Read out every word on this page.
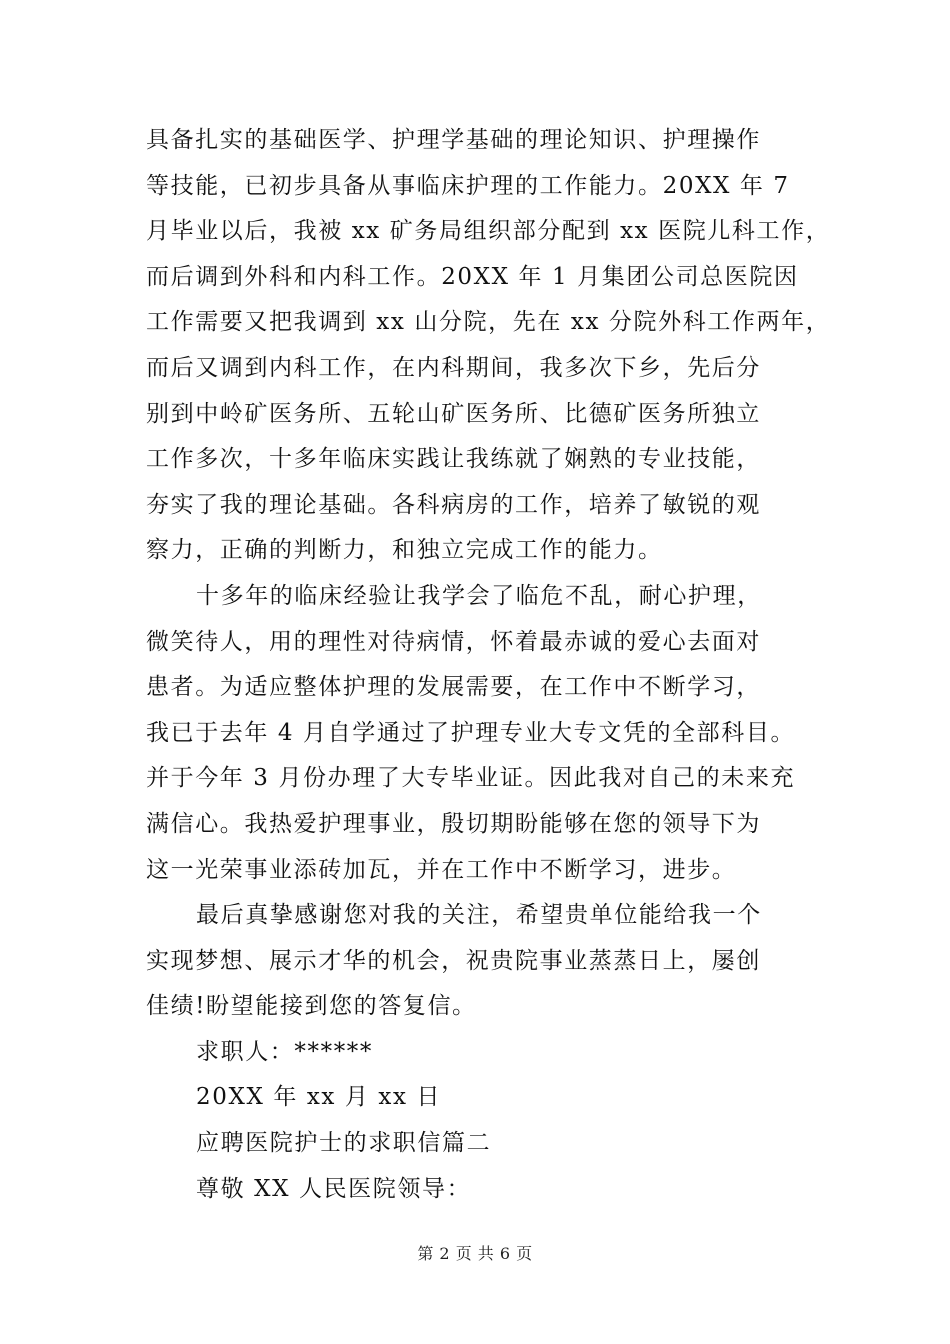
具备扎实的基础医学、护理学基础的理论知识、护理操作
等技能，已初步具备从事临床护理的工作能力。20XX 年 7
月毕业以后，我被 xx 矿务局组织部分配到 xx 医院儿科工作，
而后调到外科和内科工作。20XX 年 1 月集团公司总医院因
工作需要又把我调到 xx 山分院，先在 xx 分院外科工作两年，
而后又调到内科工作，在内科期间，我多次下乡，先后分
别到中岭矿医务所、五轮山矿医务所、比德矿医务所独立
工作多次，十多年临床实践让我练就了娴熟的专业技能，
夯实了我的理论基础。各科病房的工作，培养了敏锐的观
察力，正确的判断力，和独立完成工作的能力。
十多年的临床经验让我学会了临危不乱，耐心护理，
微笑待人，用的理性对待病情，怀着最赤诚的爱心去面对
患者。为适应整体护理的发展需要，在工作中不断学习，
我已于去年 4 月自学通过了护理专业大专文凭的全部科目。
并于今年 3 月份办理了大专毕业证。因此我对自己的未来充
满信心。我热爱护理事业，殷切期盼能够在您的领导下为
这一光荣事业添砖加瓦，并在工作中不断学习，进步。
最后真挚感谢您对我的关注，希望贵单位能给我一个
实现梦想、展示才华的机会，祝贵院事业蒸蒸日上，屡创
佳绩!盼望能接到您的答复信。
求职人：******
20XX 年 xx 月 xx 日
应聘医院护士的求职信篇二
尊敬 XX 人民医院领导：
第 2 页 共 6 页
